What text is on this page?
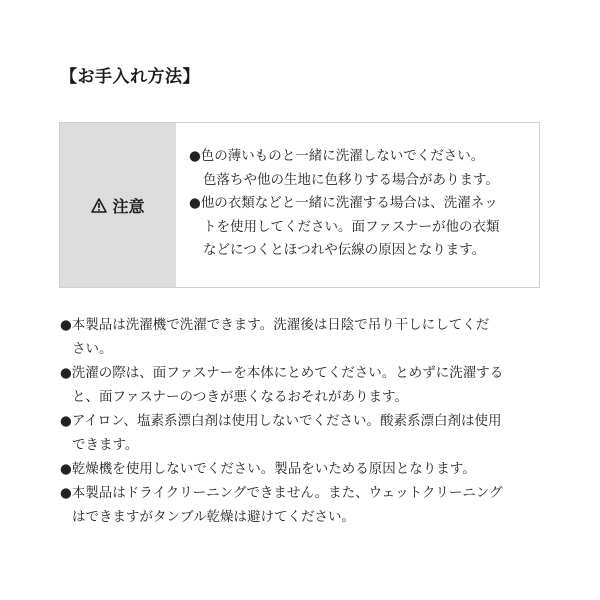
【お手入れ方法】
注意
●色の薄いものと一緒に洗濯しないでください。
色落ちや他の生地に色移りする場合があります。
●他の衣類などと一緒に洗濯する場合は、洗濯ネッ
トを使用してください。面ファスナーが他の衣類
などにつくとほつれや伝線の原因となります。
●本製品は洗濯機で洗濯できます。洗濯後は日陰で吊り干しにしてくだ
さい。
●洗濯の際は、面ファスナーを本体にとめてください。とめずに洗濯する
と、面ファスナーのつきが悪くなるおそれがあります。
●アイロン、塩素系漂白剤は使用しないでください。酸素系漂白剤は使用
できます。
●乾燥機を使用しないでください。製品をいためる原因となります。
●本製品はドライクリーニングできません。また、ウェットクリーニング
はできますがタンブル乾燥は避けてください。
